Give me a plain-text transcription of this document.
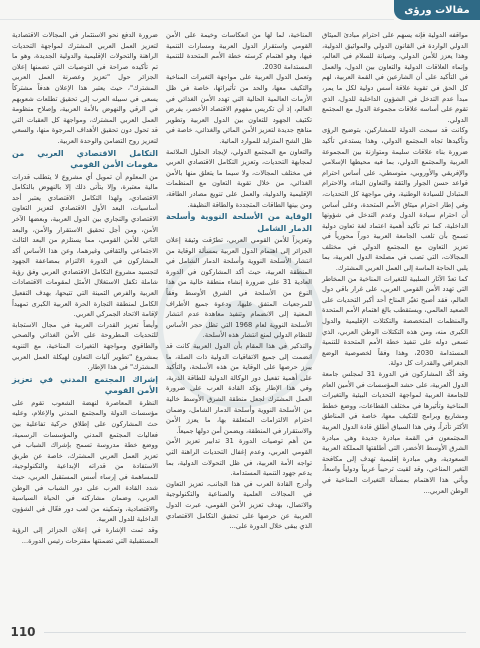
مقالات ورؤى

مواقفه الدولية فإنه يسهم على احترام مبادئ الميثاق الدولي الواردة في القانون الدولي والمواثيق الدولية، وهذا يعزز للأمن الدولي، وصيانة للسلام في العالم، وإنماء العلاقات الدولية والتعاون بين الدول، والعمل في التأكيد على أن الشارعين في القمة العربية، لهم كل الحق في تقوية علاقة أسس دولية لكل ما يمر، مبدأ عدم التدخل في الشؤون الداخلية للدول، الذي تقوم على أساسه علاقات مجموعة الدول مع المجتمع الدولي.

وكانت قد سبحت الدولة للمشاركين، بتوضيح الرؤى وتأكيدها تجاه المجتمع الدولي، وهذا يستدعي تأكيد ضرورة بناء علاقات سليمة ومتوازنة بين المجموعة العربية والمجتمع الدولي، بما فيه محيطها الإسلامي والإفريقي والأوروبي، متوسطي، على أساس احترام قواعد حسن الجوار والثقة والتعاون البناء، والاحترام المتبادل للسيادة الوطنية، وفي مواجهة كل التحديات، وفي إطار احترام ميثاق الأمم المتحدة، وعلى أساس أن احترام سيادة الدول وعدم التدخل في شؤونها الداخلية، كما تم تأكيد أهمية اعتماد لغة تعاون دولية تسمح بأن تلعب الجامعة العربية دوراً محورياً في تعزيز التعاون مع المجتمع الدولي في مختلف المجالات، التي تصب في مصلحة الدول العربية، بما يلبي الحاجة الماسة إلى العمل العربي المشترك.

كما تعدّ الآثار السلبية للتغيرات المناخية من المخاطر التي تهدد الأمن القومي العربي، على غرار باقي دول العالم، فقد أصبح تغيّر المناخ أحد أكبر التحديات على الصعيد العالمي، ويستقطب بالغ اهتمام الأمم المتحدة والمنظمات المتخصصة والتكتلات الإقليمية والدول الكبرى منه، ومن هذه التكتلات الوطن العربي، الذي تسعى دوله على تنفيذ خطة الأمم المتحدة للتنمية المستدامة 2030، وهذا وفقاً لخصوصية الوضع الجغرافي والقدرات كل دولة.

وقد أكّد المشاركون في الدورة 31 لمجلس جامعة الدول العربية، على حشد المؤسسات في الأمين العام للجامعة العربية لمواجهة التحديات البيئية والتغيرات المناخية وتأثيرها في مختلف القطاعات، ووضع خطط ومشاريع وبرامج للتكيف معها، خاصة في المناطق الأكثر تأثراً، وفي هذا السياق أطلق قادة الدول العربية المجتمعون في القمة مبادرة جديدة وهي مبادرة الشرق الأوسط الأخضر، التي أطلقتها المملكة العربية السعودية، وهي مبادرة إقليمية تهدف إلى مكافحة التغير المناخي، وقد لقيت ترحيباً عربياً ودولياً واسعاً، ويأتي هذا الاهتمام بمسألة التغيرات المناخية في الوطن العربي...

المناخية، لما لها من انعكاسات وخيمة على الأمن القومي واستقرار الدول العربية ومسارات التنمية فيها، وهو اهتمام كرسته خطة الأمم المتحدة للتنمية المستدامة 2030.

وتعمل الدول العربية على مواجهة التغيرات المناخية والتكيف معها، والحد من تأثيراتها، خاصة في ظل الأزمات العالمية الحالية التي تهدد الأمن الغذائي في العالم، إذ أن تكريس مفهوم الاقتصاد الأخضر، يفرض تكثيف الجهود للتعاون بين الدول العربية وتطوير مناهج جديدة لتعزيز الأمن المائي والغذائي، خاصة في ظل الشح المتزايد للموارد المائية.

والتعاون مع المجتمع الدولي، لإيجاد الحلول الملائمة لمجابهة التحديات، وتعزيز التكامل الاقتصادي العربي في مختلف المجالات، ولا سيما ما يتعلق منها بالأمن الغذائي، من خلال تقوية التعاون مع المنظمات الإقليمية والدولية، والعمل على تنويع مصادر الطاقة، ومن بينها الطاقات المتجددة والطاقة النظيفة.

الوقاية من الأسلحة النووية وأسلحة الدمار الشامل

وتعزيزاً للأمن القومي العربي، تطرّقت وثيقة إعلان الجزائر إلى اهتمام الدول العربية بمسألة الوقاية من انتشار الأسلحة النووية وأسلحة الدمار الشامل في المنطقة العربية، حيث أكد المشاركون في الدورة العادية 31 على ضرورة إنشاء منطقة خالية من هذا النوع من الأسلحة في الشرق الأوسط وفقاً للمرجعيات المتفق عليها، ودعوة جميع الأطراف المعنية إلى الانضمام وتنفيذ معاهدة عدم انتشار الأسلحة النووية لعام 1968 التي تظل حجر الأساس للنظام الدولي لمنع انتشار هذه الأسلحة.

والتذكير في هذا المقام بأن الدول العربية كانت قد انضمت إلى جميع الاتفاقيات الدولية ذات الصلة، ما يبرز حرصها على الوقاية من هذه الأسلحة، والتأكيد على أهمية تفعيل دور الوكالة الدولية للطاقة الذرية، وفي هذا الإطار يؤكد القادة العرب على ضرورة العمل المشترك لجعل منطقة الشرق الأوسط خالية من الأسلحة النووية وأسلحة الدمار الشامل، وضمان احترام الالتزامات المتعلقة بها، ما يعزز الأمن والاستقرار في المنطقة، ويضمن أمن دولها جميعاً.

من أهم توصيات الدورة 31 تدابير تعزيز الأمن القومي العربي، وعدم إغفال التحديات الراهنة التي تواجه الأمة العربية، في ظل التحولات الدولية، بما يدعم جهود التنمية المستدامة.

وأدرج القادة العرب في هذا الجانب، تعزيز التعاون في المجالات العلمية والصناعية والتكنولوجية والاتصال، بهدف تعزيز الأمن القومي، عبرت الدول العربية عن حرصها على تحقيق التكامل الاقتصادي الذي يبقى خلال الدورة على...

ضرورة الدفع نحو الاستثمار في المجالات الاقتصادية لتعزيز العمل العربي المشترك لمواجهة التحديات الراهنة والتحولات الإقليمية والدولية الجديدة، وهو ما تم تأكيده صراحة في التوصيات التي تضمنها إعلان الجزائر حول "تعزيز وعصرنة العمل العربي المشترك"، حيث يعتبر هذا الإعلان هدفاً مشتركاً يسعى في سبيله العرب إلى تحقيق تطلعات شعوبهم في الرقي والنهوض بالأمة العربية، وإصلاح منظومة العمل العربي المشترك، ومواجهة كل العقبات التي قد تحول دون تحقيق الأهداف المرجوة منها، والسعي لتعزيز روح التضامن والوحدة العربية.

التكامل الاقتصادي العربي من مقومات الأمن القومي

من المعلوم أن تمويل أي مشروع لا يتطلب قدرات مالية معتبرة، وإلا يتأتى ذلك إلا بالنهوض بالتكامل الاقتصادي، ولهذا التكامل الاقتصادي يعتبر أحد أساسيات، البعد الأول الاقتصادي لتعزيز التعاون الاقتصادي والتجاري بين الدول العربية، وبعضها الآخر الأمن، ومن أجل تحقيق الاستقرار والأمن، والبعد الثاني للأمن القومي، مما يستلزم من البعد الثالث الاجتماعي والثقافي وغيرهما، وعن هذا الأساس أكد المشاركون في الدورة الالتزام بمضاعفة الجهود لتجسيد مشروع التكامل الاقتصادي العربي وفق رؤية شاملة تكفل الاستغلال الأمثل لمقومات الاقتصادات العربية والفرص الثمينة التي تتيحها، بهدف التفعيل الكامل لمنطقة التجارة الحرة العربية الكبرى تمهيداً لإقامة الاتحاد الجمركي العربي.

وأيضاً تعزيز القدرات العربية في مجال الاستجابة للتحديات المطروحة على الأمن الغذائي والصحي والطاقوي ومواجهة التغيرات المناخية، مع التنويه بمشروع "تطوير آليات التعاون لهيكلة العمل العربي المشترك" في هذا الإطار.

إشراك المجتمع المدني في تعزيز الأمن القومي

النظرة المعاصرة لنهضة الشعوب تقوم على مؤسسات الدولة والمجتمع المدني والإعلام، وعليه حث المشاركون على إطلاق حركية تفاعلية بين فعاليات المجتمع المدني والمؤسسات الرسمية، ووضع خطة مدروسة تسمح بإشراك الشباب في تعزيز العمل العربي المشترك، خاصة عن طريق الاستفادة من قدراته الإبداعية والتكنولوجية، للمساهمة في إرساء أسس المستقبل العربي، حيث شدد القادة العرب على دور الشباب في الوطن العربي، وضمان مشاركته في الحياة السياسية والاقتصادية، وتمكينه من لعب دور فعّال في الشؤون الداخلية للدول العربية.

وقد تمت الإشارة في إعلان الجزائر إلى الرؤية المستقبلية التي تضمنتها مقترحات رئيس الدورة...

110
